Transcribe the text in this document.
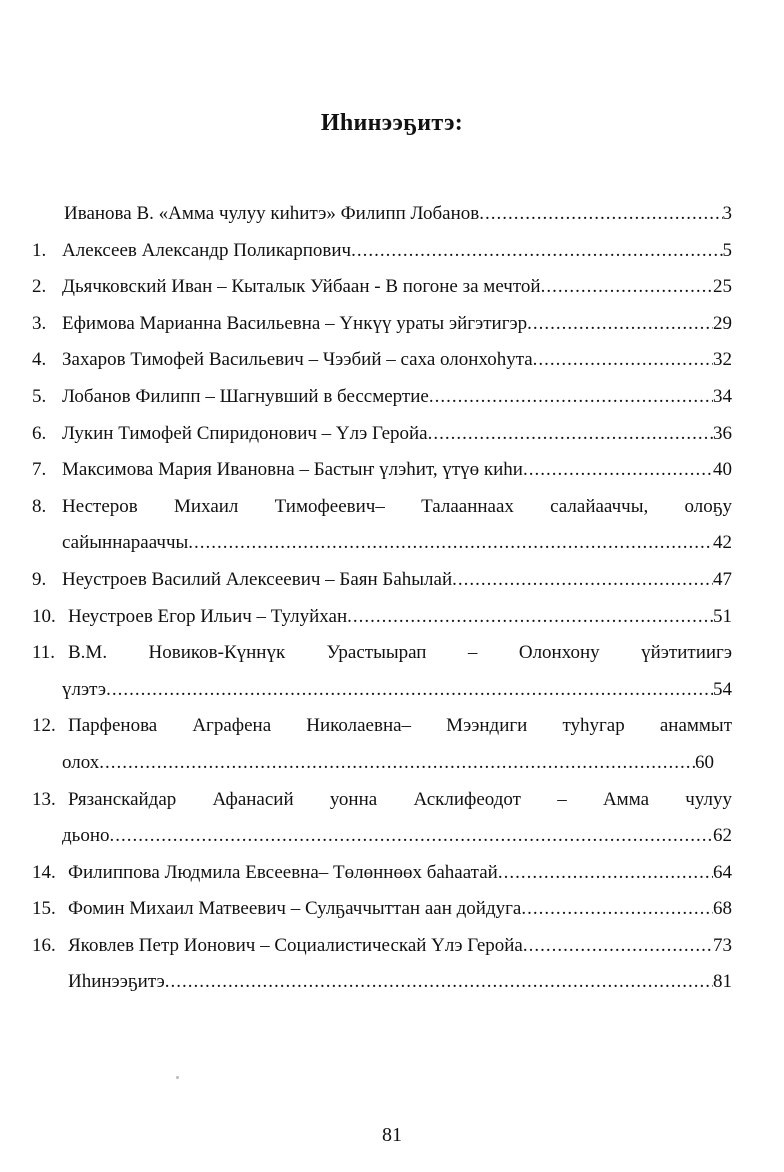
Иһинээҕитэ:
Иванова В. «Амма чулуу киһитэ» Филипп Лобанов .....	3
1. Алексеев Александр Поликарпович .....	5
2. Дьячковский Иван – Кыталык Уйбаан - В погоне за мечтой .....	25
3. Ефимова Марианна Васильевна – Үнкүү ураты эйгэтигэр .....	29
4. Захаров Тимофей Васильевич – Чээбий – саха олонхоһута .....	32
5. Лобанов Филипп – Шагнувший в бессмертие .....	34
6. Лукин Тимофей Спиридонович – Үлэ Геройа .....	36
7. Максимова Мария Ивановна – Бастыҥ үлэһит, үтүө киһи .....	40
8. Нестеров Михаил Тимофеевич– Талааннаах салайааччы, олоҕу
сайыннарааччы .....	42
9. Неустроев Василий Алексеевич – Баян Баһылай .....	47
10. Неустроев Егор Ильич – Тулуйхан .....	51
11. В.М. Новиков-Күннүк Урастыырап – Олонхону үйэтитиигэ
үлэтэ .....	54
12. Парфенова Аграфена Николаевна– Мээндиги туһугар анаммыт
олох .....	60
13. Рязанскайдар Афанасий уонна Асклифеодот – Амма чулуу
дьоно .....	62
14. Филиппова Людмила Евсеевна– Төлөннөөх баһаатай .....	64
15. Фомин Михаил Матвеевич – Сулҕаччыттан аан дойдуга .....	68
16. Яковлев Петр Ионович – Социалистическай Үлэ Геройа .....	73
Иһинээҕитэ .....	81
81
